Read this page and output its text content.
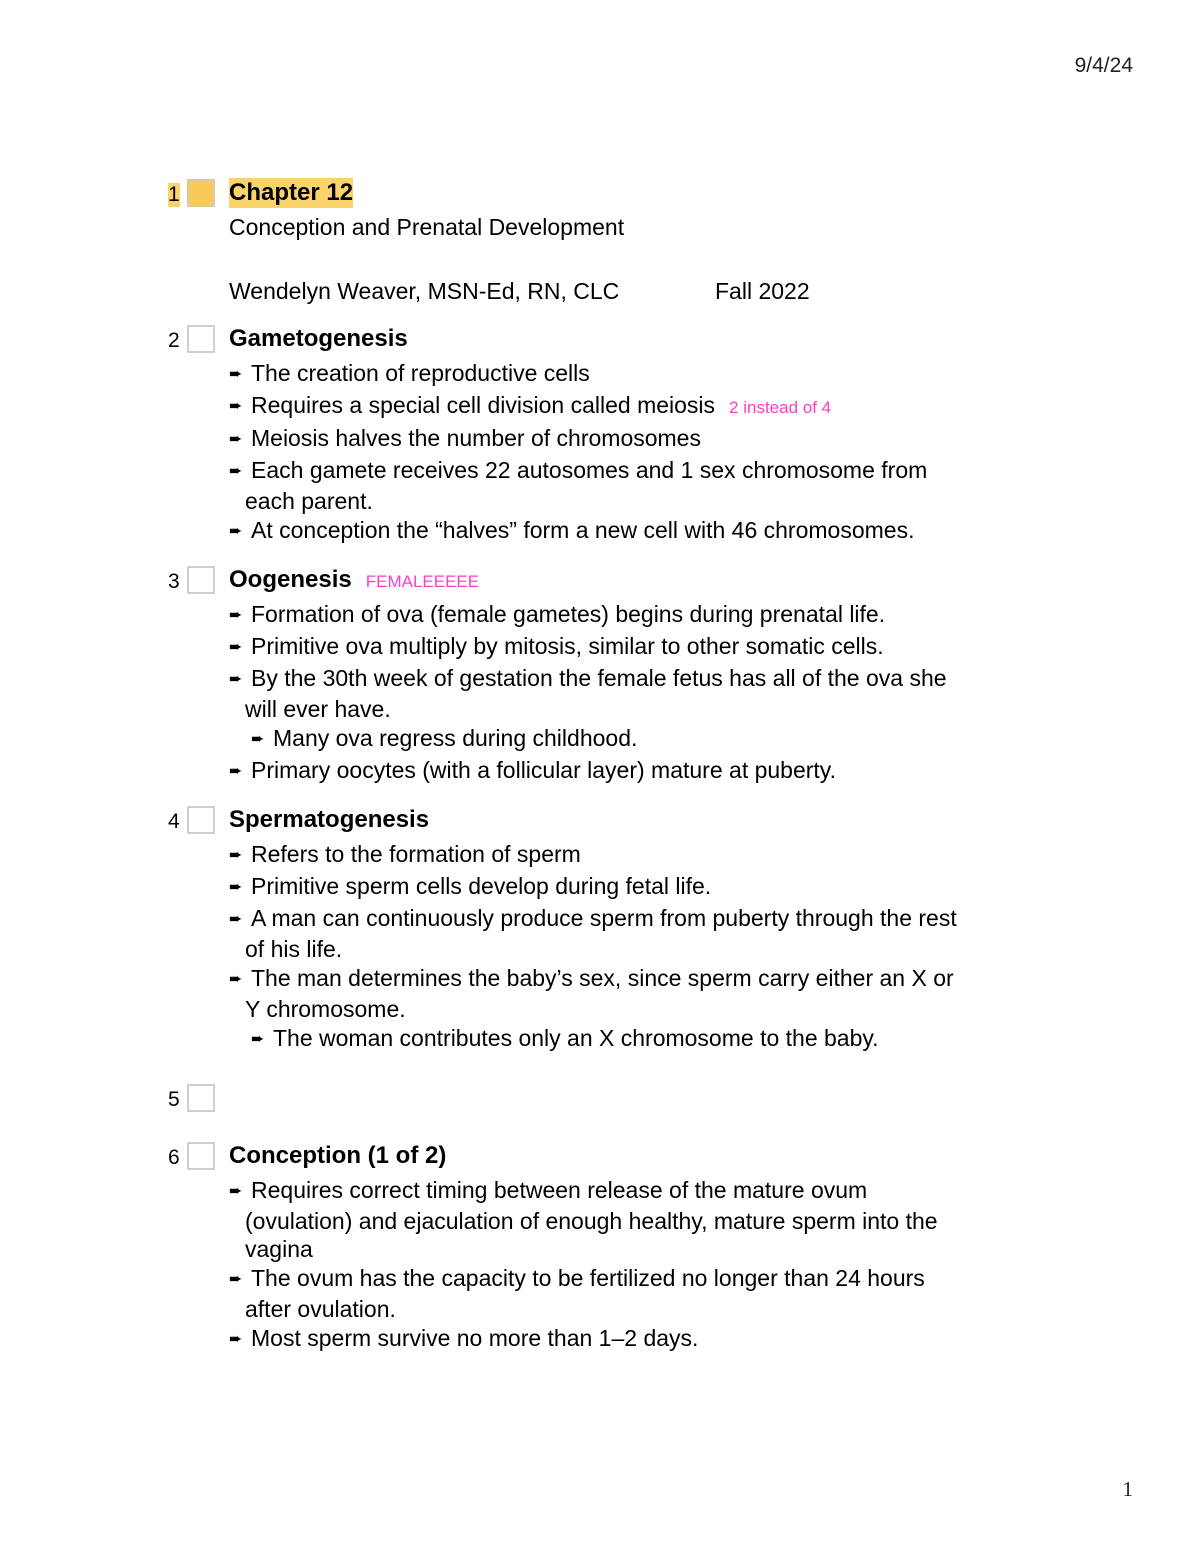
9/4/24
1 Chapter 12
Conception and Prenatal Development
Wendelyn Weaver, MSN-Ed, RN, CLC	Fall 2022
2 Gametogenesis
➨ The creation of reproductive cells
➨ Requires a special cell division called meiosis 2 instead of 4
➨ Meiosis halves the number of chromosomes
➨ Each gamete receives 22 autosomes and 1 sex chromosome from
each parent.
➨ At conception the “halves” form a new cell with 46 chromosomes.
3 Oogenesis FEMALEEEEE
➨ Formation of ova (female gametes) begins during prenatal life.
➨ Primitive ova multiply by mitosis, similar to other somatic cells.
➨ By the 30th week of gestation the female fetus has all of the ova she
will ever have.
➨ Many ova regress during childhood.
➨ Primary oocytes (with a follicular layer) mature at puberty.
4 Spermatogenesis
➨ Refers to the formation of sperm
➨ Primitive sperm cells develop during fetal life.
➨ A man can continuously produce sperm from puberty through the rest
of his life.
➨ The man determines the baby’s sex, since sperm carry either an X or
Y chromosome.
➨ The woman contributes only an X chromosome to the baby.
5
6 Conception (1 of 2)
➨ Requires correct timing between release of the mature ovum
(ovulation) and ejaculation of enough healthy, mature sperm into the
vagina
➨ The ovum has the capacity to be fertilized no longer than 24 hours
after ovulation.
➨ Most sperm survive no more than 1–2 days.
1
